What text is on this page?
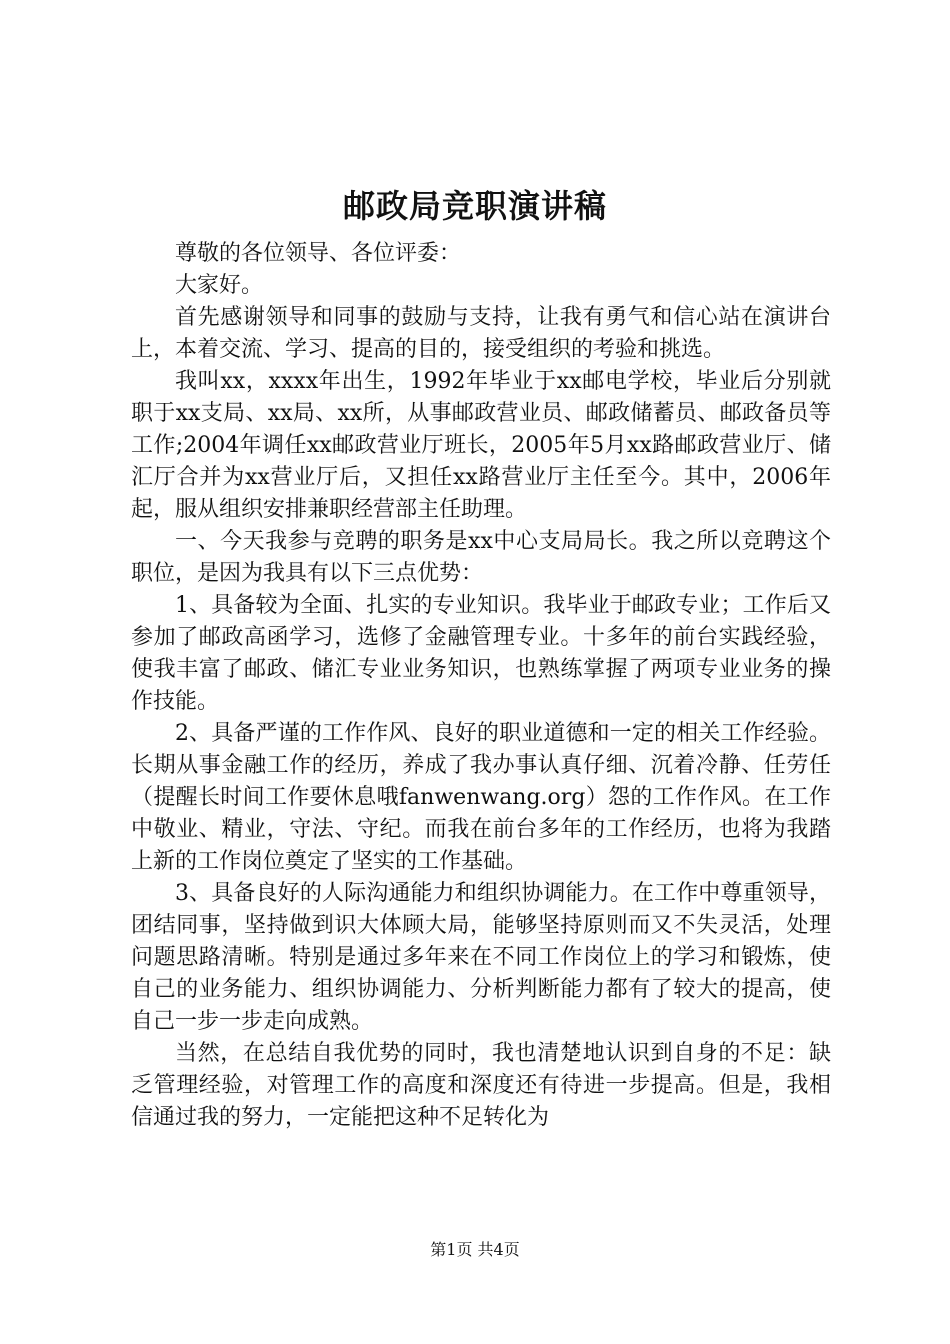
邮政局竞职演讲稿

尊敬的各位领导、各位评委：

大家好。

首先感谢领导和同事的鼓励与支持，让我有勇气和信心站在演讲台上，本着交流、学习、提高的目的，接受组织的考验和挑选。

我叫xx，xxxx年出生，1992年毕业于xx邮电学校，毕业后分别就职于xx支局、xx局、xx所，从事邮政营业员、邮政储蓄员、邮政备员等工作;2004年调任xx邮政营业厅班长，2005年5月xx路邮政营业厅、储汇厅合并为xx营业厅后，又担任xx路营业厅主任至今。其中，2006年起，服从组织安排兼职经营部主任助理。

一、今天我参与竞聘的职务是xx中心支局局长。我之所以竞聘这个职位，是因为我具有以下三点优势：

1、具备较为全面、扎实的专业知识。我毕业于邮政专业；工作后又参加了邮政高函学习，选修了金融管理专业。十多年的前台实践经验，使我丰富了邮政、储汇专业业务知识，也熟练掌握了两项专业业务的操作技能。

2、具备严谨的工作作风、良好的职业道德和一定的相关工作经验。长期从事金融工作的经历，养成了我办事认真仔细、沉着冷静、任劳任（提醒长时间工作要休息哦fanwenwang.org）怨的工作作风。在工作中敬业、精业，守法、守纪。而我在前台多年的工作经历，也将为我踏上新的工作岗位奠定了坚实的工作基础。

3、具备良好的人际沟通能力和组织协调能力。在工作中尊重领导，团结同事，坚持做到识大体顾大局，能够坚持原则而又不失灵活，处理问题思路清晰。特别是通过多年来在不同工作岗位上的学习和锻炼，使自己的业务能力、组织协调能力、分析判断能力都有了较大的提高，使自己一步一步走向成熟。

当然，在总结自我优势的同时，我也清楚地认识到自身的不足：缺乏管理经验，对管理工作的高度和深度还有待进一步提高。但是，我相信通过我的努力，一定能把这种不足转化为

第1页 共4页
